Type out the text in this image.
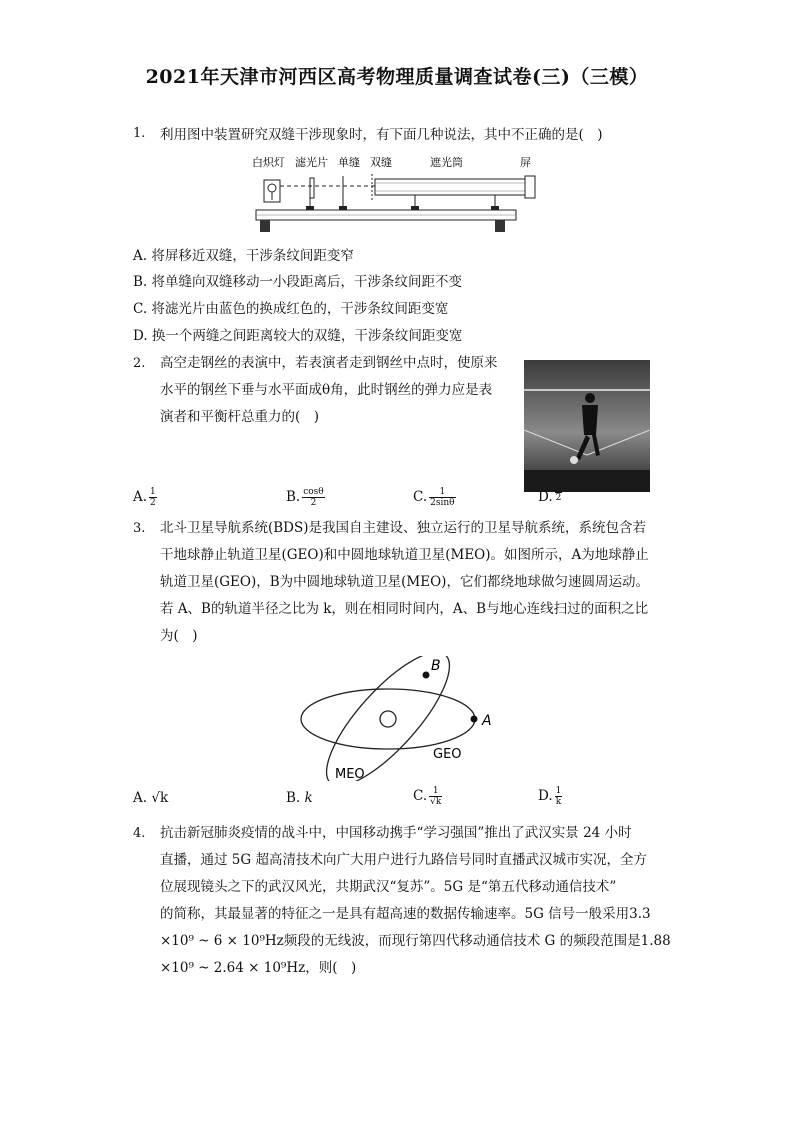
2021年天津市河西区高考物理质量调查试卷(三)（三模）
1. 利用图中装置研究双缝干涉现象时，有下面几种说法，其中不正确的是(　)
白炽灯 滤光片 单缝 双缝	遮光筒	屏
A. 将屏移近双缝，干涉条纹间距变窄
B. 将单缝向双缝移动一小段距离后，干涉条纹间距不变
C. 将滤光片由蓝色的换成红色的，干涉条纹间距变宽
D. 换一个两缝之间距离较大的双缝，干涉条纹间距变宽
2. 高空走钢丝的表演中，若表演者走到钢丝中点时，使原来
水平的钢丝下垂与水平面成θ角，此时钢丝的弹力应是表
演者和平衡杆总重力的(　)
A. $\frac{1}{2}$	B. $\frac{\cos\theta}{2}$	C. $\frac{1}{2\sin\theta}$	D. 2
3. 北斗卫星导航系统(BDS)是我国自主建设、独立运行的卫星导航系统，系统包含若
干地球静止轨道卫星(GEO)和中圆地球轨道卫星(MEO)。如图所示，A为地球静止
轨道卫星(GEO)，B为中圆地球轨道卫星(MEO)，它们都绕地球做匀速圆周运动。
若 A、B的轨道半径之比为 k，则在相同时间内，A、B与地心连线扫过的面积之比
为(　)
B
A
GEO
MEO
A. √k	B. k	C. $\frac{1}{√k}$	D. $\frac{1}{k}$
4. 抗击新冠肺炎疫情的战斗中，中国移动携手“学习强国”推出了武汉实景 24 小时
直播，通过 5G 超高清技术向广大用户进行九路信号同时直播武汉城市实况，全方
位展现镜头之下的武汉风光，共期武汉“复苏”。5G 是“第五代移动通信技术”
的简称，其最显著的特征之一是具有超高速的数据传输速率。5G 信号一般采用3.3
×10⁹ ~ 6 × 10⁹Hz频段的无线波，而现行第四代移动通信技术 G 的频段范围是1.88
×10⁹ ~ 2.64 × 10⁹Hz，则(　)
